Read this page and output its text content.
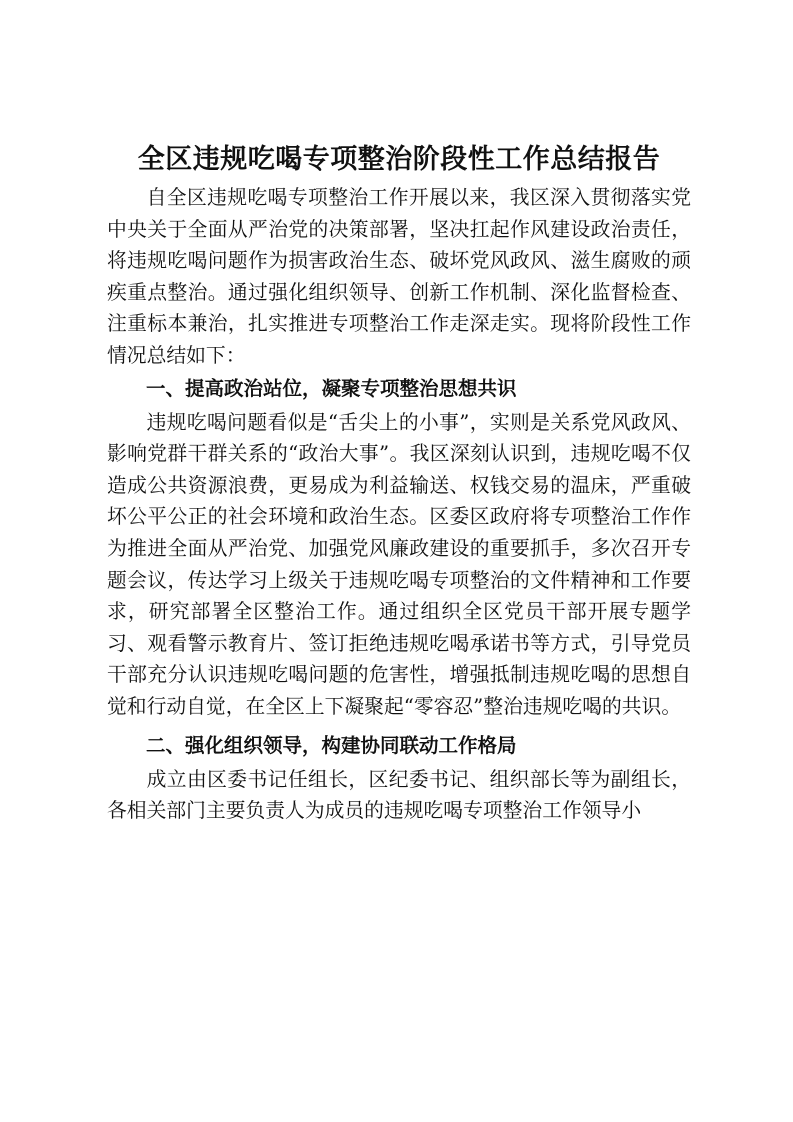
全区违规吃喝专项整治阶段性工作总结报告

自全区违规吃喝专项整治工作开展以来，我区深入贯彻落实党中央关于全面从严治党的决策部署，坚决扛起作风建设政治责任，将违规吃喝问题作为损害政治生态、破坏党风政风、滋生腐败的顽疾重点整治。通过强化组织领导、创新工作机制、深化监督检查、注重标本兼治，扎实推进专项整治工作走深走实。现将阶段性工作情况总结如下：

一、提高政治站位，凝聚专项整治思想共识

违规吃喝问题看似是“舌尖上的小事”，实则是关系党风政风、影响党群干群关系的“政治大事”。我区深刻认识到，违规吃喝不仅造成公共资源浪费，更易成为利益输送、权钱交易的温床，严重破坏公平公正的社会环境和政治生态。区委区政府将专项整治工作作为推进全面从严治党、加强党风廉政建设的重要抓手，多次召开专题会议，传达学习上级关于违规吃喝专项整治的文件精神和工作要求，研究部署全区整治工作。通过组织全区党员干部开展专题学习、观看警示教育片、签订拒绝违规吃喝承诺书等方式，引导党员干部充分认识违规吃喝问题的危害性，增强抵制违规吃喝的思想自觉和行动自觉，在全区上下凝聚起“零容忍”整治违规吃喝的共识。

二、强化组织领导，构建协同联动工作格局

成立由区委书记任组长，区纪委书记、组织部长等为副组长，各相关部门主要负责人为成员的违规吃喝专项整治工作领导小
